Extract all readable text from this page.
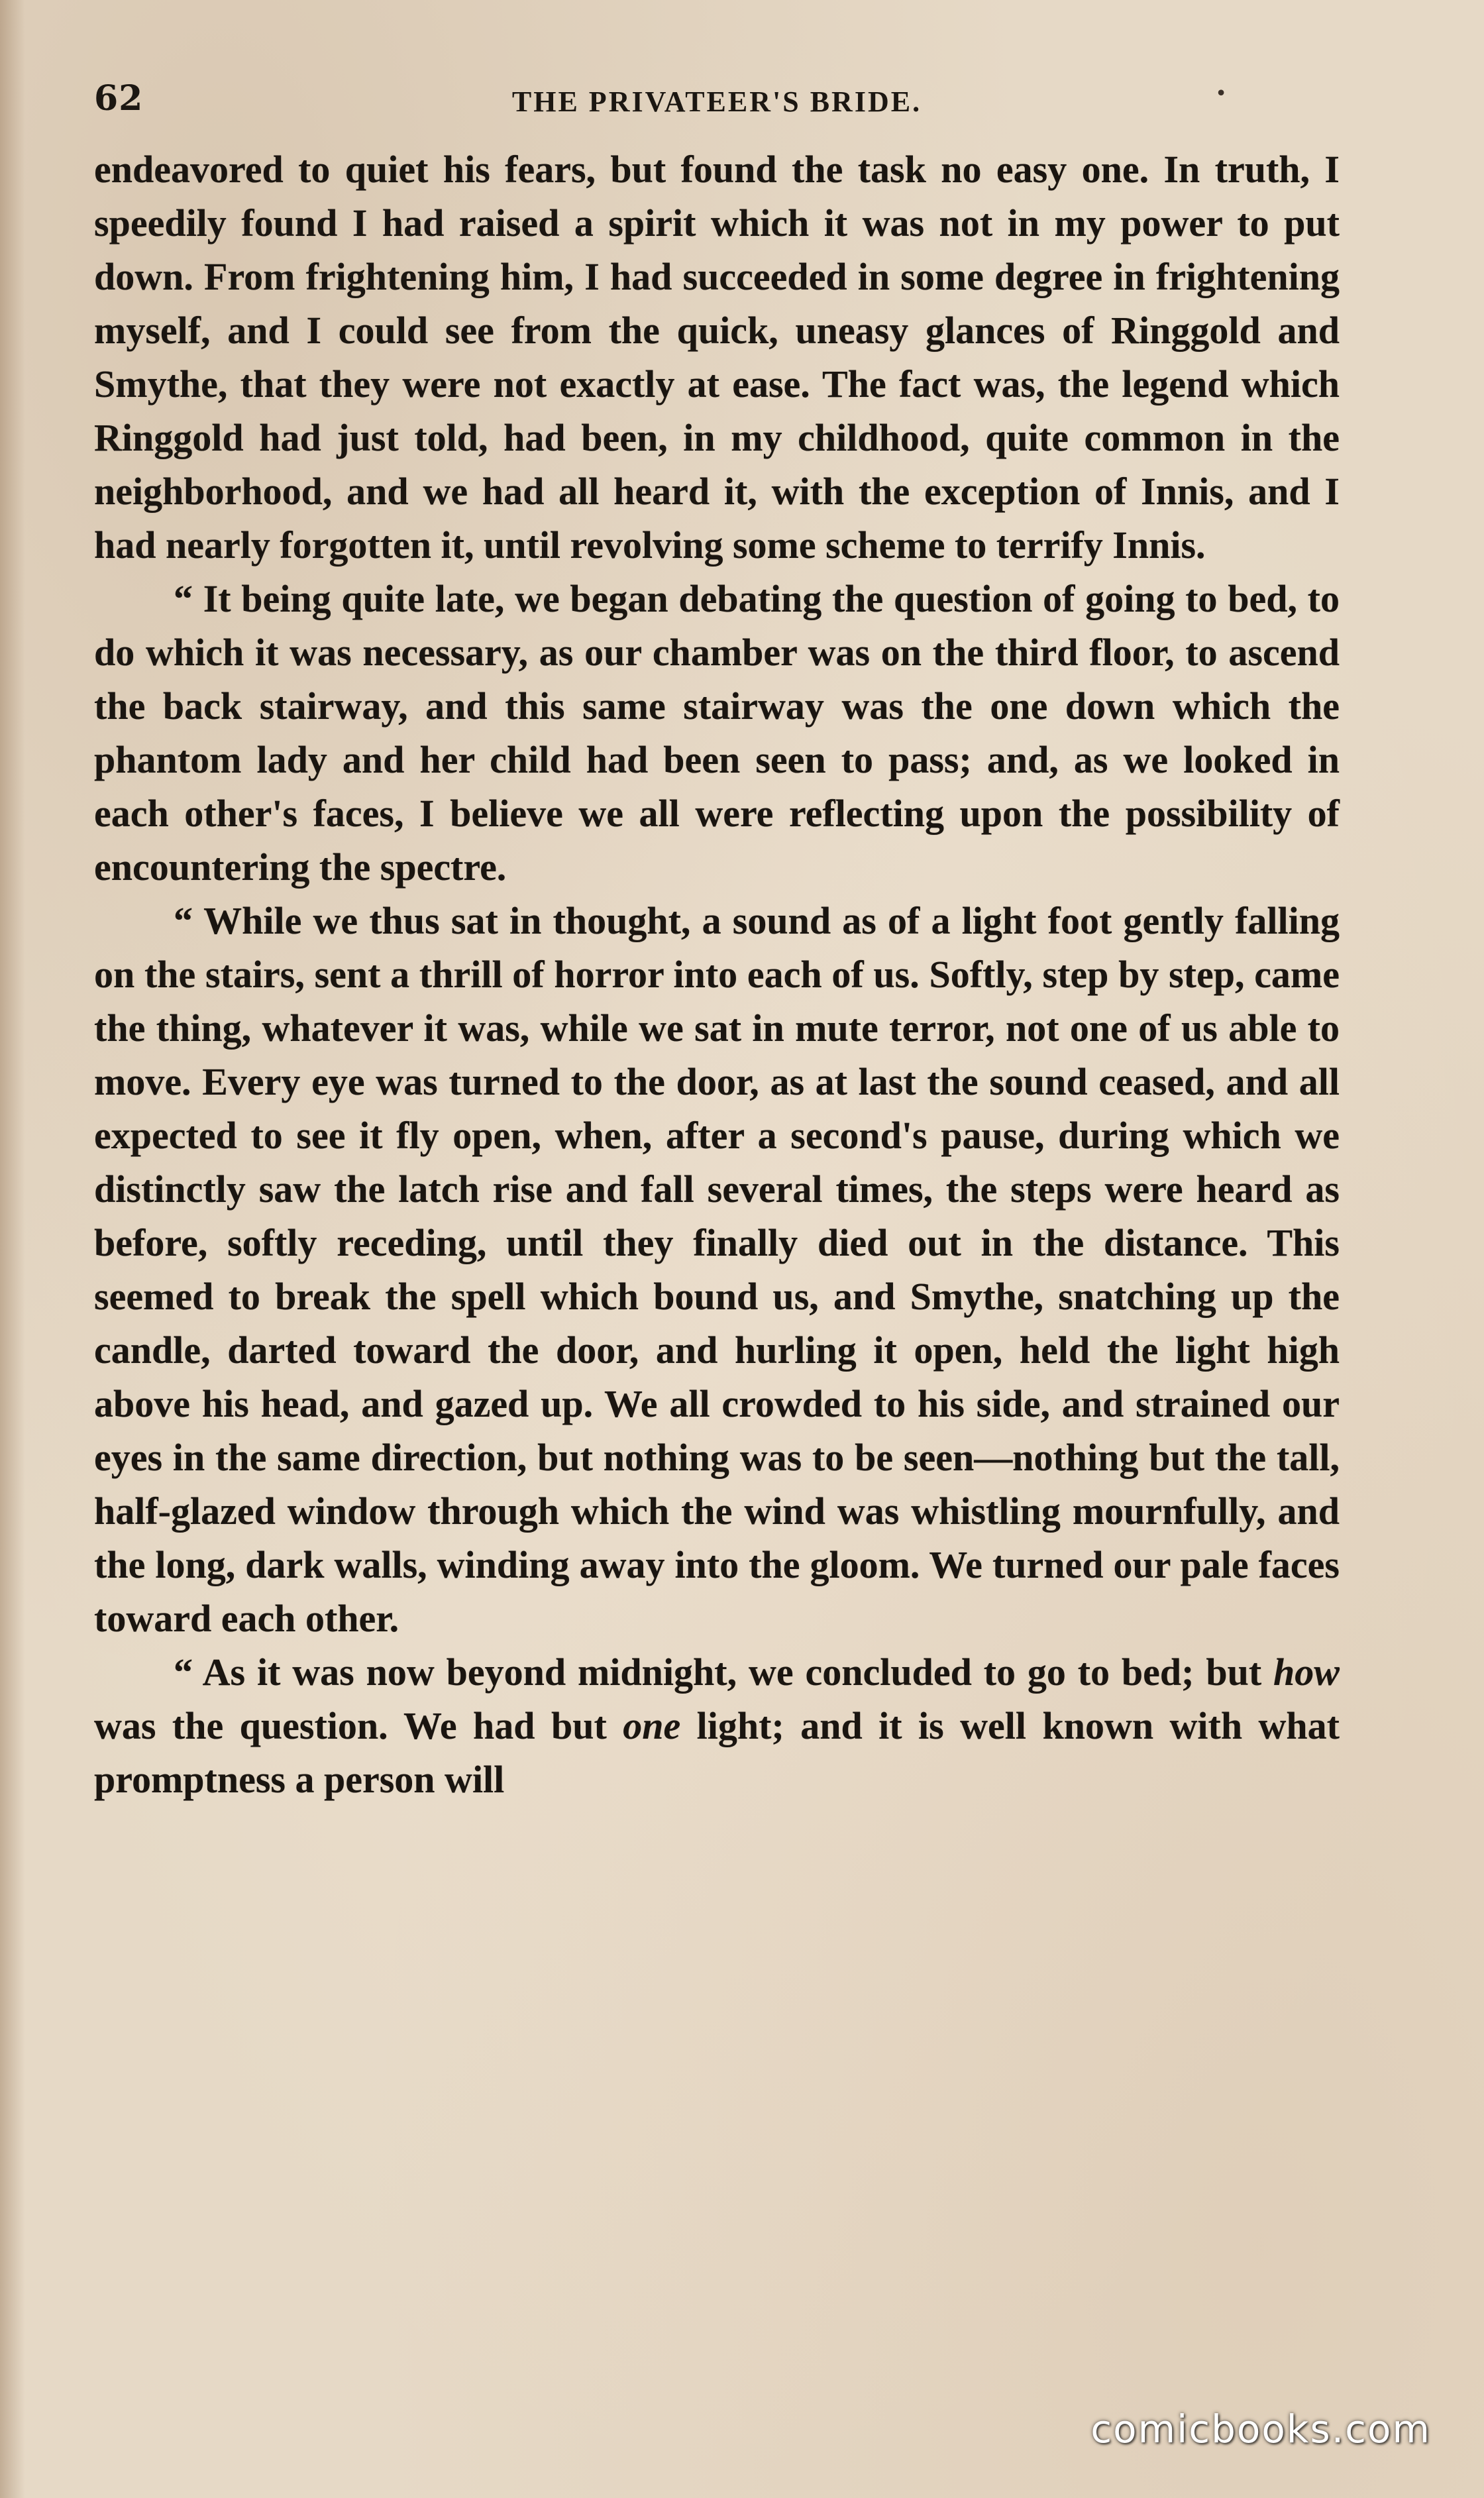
62	THE PRIVATEER'S BRIDE.	•

endeavored to quiet his fears, but found the task no easy one. In truth, I speedily found I had raised a spirit which it was not in my power to put down. From frightening him, I had succeeded in some degree in frightening myself, and I could see from the quick, uneasy glances of Ringgold and Smythe, that they were not exactly at ease. The fact was, the legend which Ringgold had just told, had been, in my childhood, quite common in the neighborhood, and we had all heard it, with the exception of Innis, and I had nearly forgotten it, until revolving some scheme to terrify Innis.

“ It being quite late, we began debating the question of going to bed, to do which it was necessary, as our chamber was on the third floor, to ascend the back stairway, and this same stairway was the one down which the phantom lady and her child had been seen to pass; and, as we looked in each other's faces, I believe we all were reflecting upon the possibility of encountering the spectre.

“ While we thus sat in thought, a sound as of a light foot gently falling on the stairs, sent a thrill of horror into each of us. Softly, step by step, came the thing, whatever it was, while we sat in mute terror, not one of us able to move. Every eye was turned to the door, as at last the sound ceased, and all expected to see it fly open, when, after a second's pause, during which we distinctly saw the latch rise and fall several times, the steps were heard as before, softly receding, until they finally died out in the distance. This seemed to break the spell which bound us, and Smythe, snatching up the candle, darted toward the door, and hurling it open, held the light high above his head, and gazed up. We all crowded to his side, and strained our eyes in the same direction, but nothing was to be seen—nothing but the tall, half-glazed window through which the wind was whistling mournfully, and the long, dark walls, winding away into the gloom. We turned our pale faces toward each other.

“ As it was now beyond midnight, we concluded to go to bed; but how was the question. We had but one light; and it is well known with what promptness a person will

comicbooks.com
